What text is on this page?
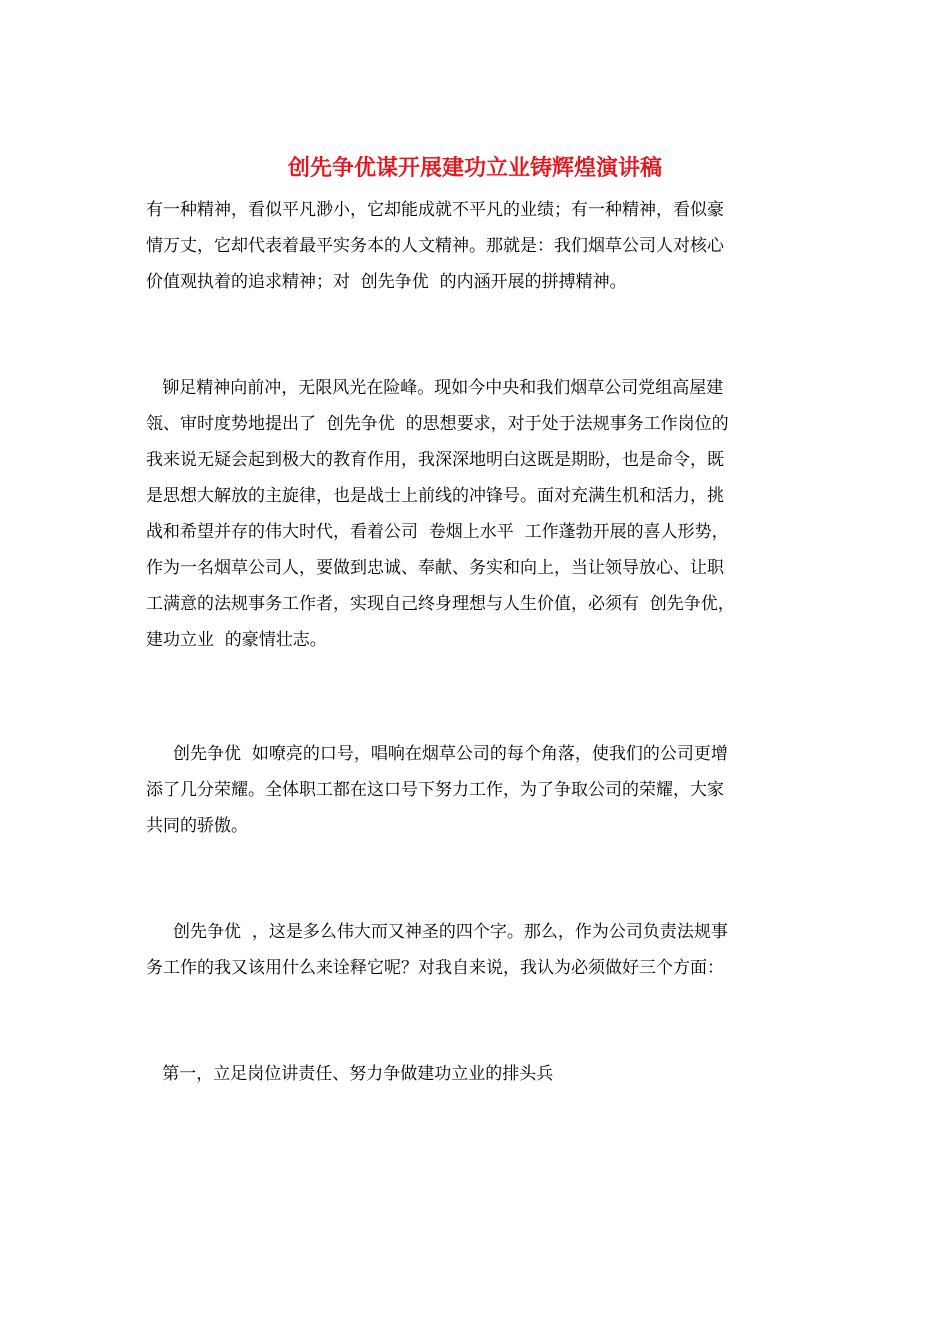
创先争优谋开展建功立业铸辉煌演讲稿
有一种精神，看似平凡渺小，它却能成就不平凡的业绩；有一种精神，看似豪
情万丈，它却代表着最平实务本的人文精神。那就是：我们烟草公司人对核心
价值观执着的追求精神；对  创先争优  的内涵开展的拼搏精神。
铆足精神向前冲，无限风光在险峰。现如今中央和我们烟草公司党组高屋建
瓴、审时度势地提出了  创先争优  的思想要求，对于处于法规事务工作岗位的
我来说无疑会起到极大的教育作用，我深深地明白这既是期盼，也是命令，既
是思想大解放的主旋律，也是战士上前线的冲锋号。面对充满生机和活力，挑
战和希望并存的伟大时代，看着公司  卷烟上水平  工作蓬勃开展的喜人形势，
作为一名烟草公司人，要做到忠诚、奉献、务实和向上，当让领导放心、让职
工满意的法规事务工作者，实现自己终身理想与人生价值，必须有  创先争优，
建功立业  的豪情壮志。
创先争优  如嘹亮的口号，唱响在烟草公司的每个角落，使我们的公司更增
添了几分荣耀。全体职工都在这口号下努力工作，为了争取公司的荣耀，大家
共同的骄傲。
创先争优  ，这是多么伟大而又神圣的四个字。那么，作为公司负责法规事
务工作的我又该用什么来诠释它呢？对我自来说，我认为必须做好三个方面：
第一，立足岗位讲责任、努力争做建功立业的排头兵
